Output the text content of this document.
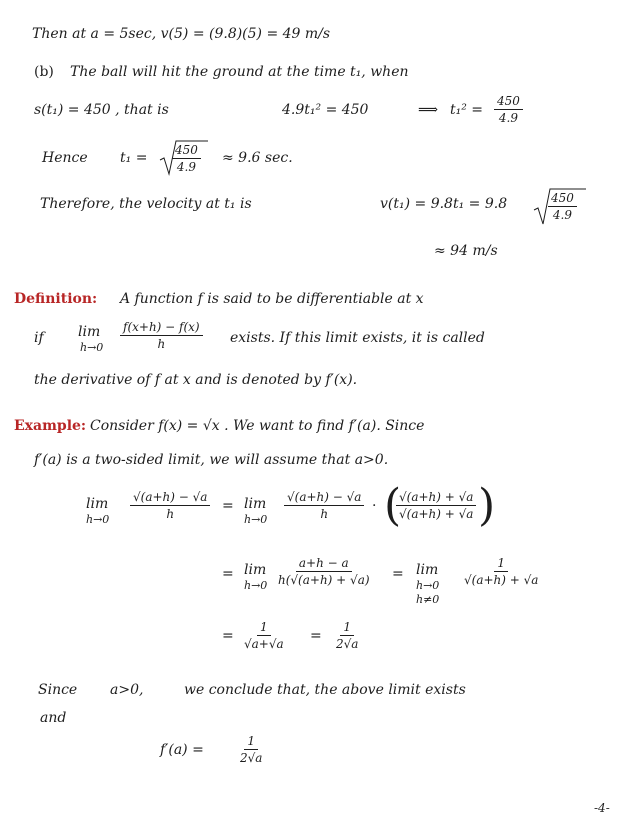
Then at a = 5sec, v(5) = (9.8)(5) = 49 m/s
(b) The ball will hit the ground at the time t₁, when
s(t₁) = 450 , that is	4.9t₁² = 450	⟹ $t_1^2 = \frac{450}{4.9}$
Hence $t_1 = \frac{450}{4.9} \approx 9.6$ sec.
Therefore, the velocity at t₁ is	v(t₁) = 9.8t₁ = 9.8	$\frac{450}{4.9}$
≈ 94 m/s
Definition: A function f is said to be differentiable at x
if lim
$h\to 0 \frac{f(x+h) - f(x)}{h}$ exists. If this limit exists, it is called
the derivative of f at x and is denoted by f′(x).
Example: Consider f(x) = √x . We want to find f′(a). Since
f′(a) is a two-sided limit, we will assume that a>0.
lim
$h\to 0 \frac{√(a+h) - √a}{h} = \lim$
$h\to 0 \frac{√(a+h) - √a}{h}$ · (
$\frac{√(a+h) + √a}{√(a+h) + √a}$ )
= lim
$h\to 0 \frac{a+h - a}{h(√(a+h) + √a)} = \lim$
h→0
h≠0
$\frac{1}{√(a+h) + √a}$
= $\frac{1}{√a+√a} = \frac{1}{2√a}$
Since a>0,	we conclude that, the above limit exists
and
f′(a) =	$\frac{1}{2√a}$
-4-
